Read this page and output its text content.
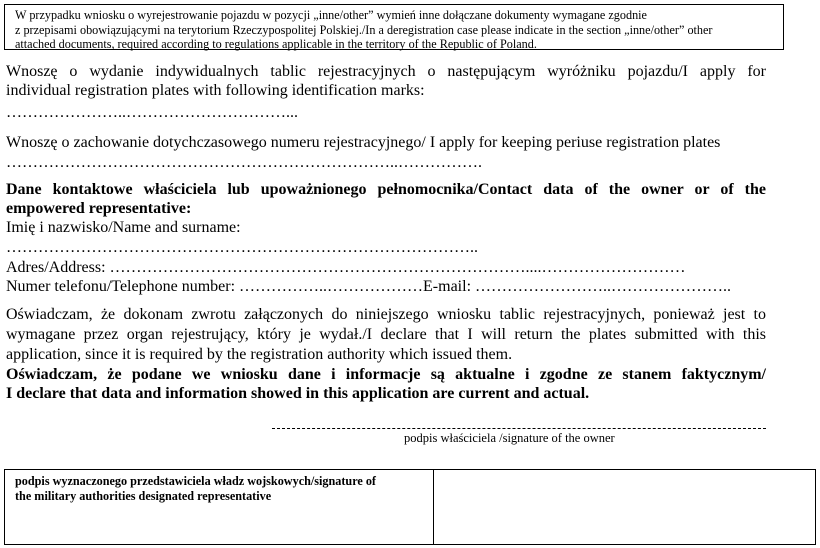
W przypadku wniosku o wyrejestrowanie pojazdu w pozycji „inne/other” wymień inne dołączane dokumenty wymagane zgodnie
z przepisami obowiązującymi na terytorium Rzeczypospolitej Polskiej./In a deregistration case please indicate in the section „inne/other” other
attached documents, required according to regulations applicable in the territory of the Republic of Poland.
Wnoszę o wydanie indywidualnych tablic rejestracyjnych o następującym wyróżniku pojazdu/I apply for
individual registration plates with following identification marks:
…………………..…………………………...
Wnoszę o zachowanie dotychczasowego numeru rejestracyjnego/ I apply for keeping periuse registration plates
………………………………………………………………..…………….
Dane kontaktowe właściciela lub upoważnionego pełnomocnika/Contact data of the owner or of the
empowered representative:
Imię i nazwisko/Name and surname:
……………………………………………………………………………..
Adres/Address: ……………………………………………………………………....………………………
Numer telefonu/Telephone number: ……………..………………E-mail: ……………………..…………………..
Oświadczam, że dokonam zwrotu załączonych do niniejszego wniosku tablic rejestracyjnych, ponieważ jest to
wymagane przez organ rejestrujący, który je wydał./I declare that I will return the plates submitted with this
application, since it is required by the registration authority which issued them.
Oświadczam, że podane we wniosku dane i informacje są aktualne i zgodne ze stanem faktycznym/
I declare that data and information showed in this application are current and actual.
podpis właściciela /signature of the owner
podpis wyznaczonego przedstawiciela władz wojskowych/signature of
the military authorities designated representative
